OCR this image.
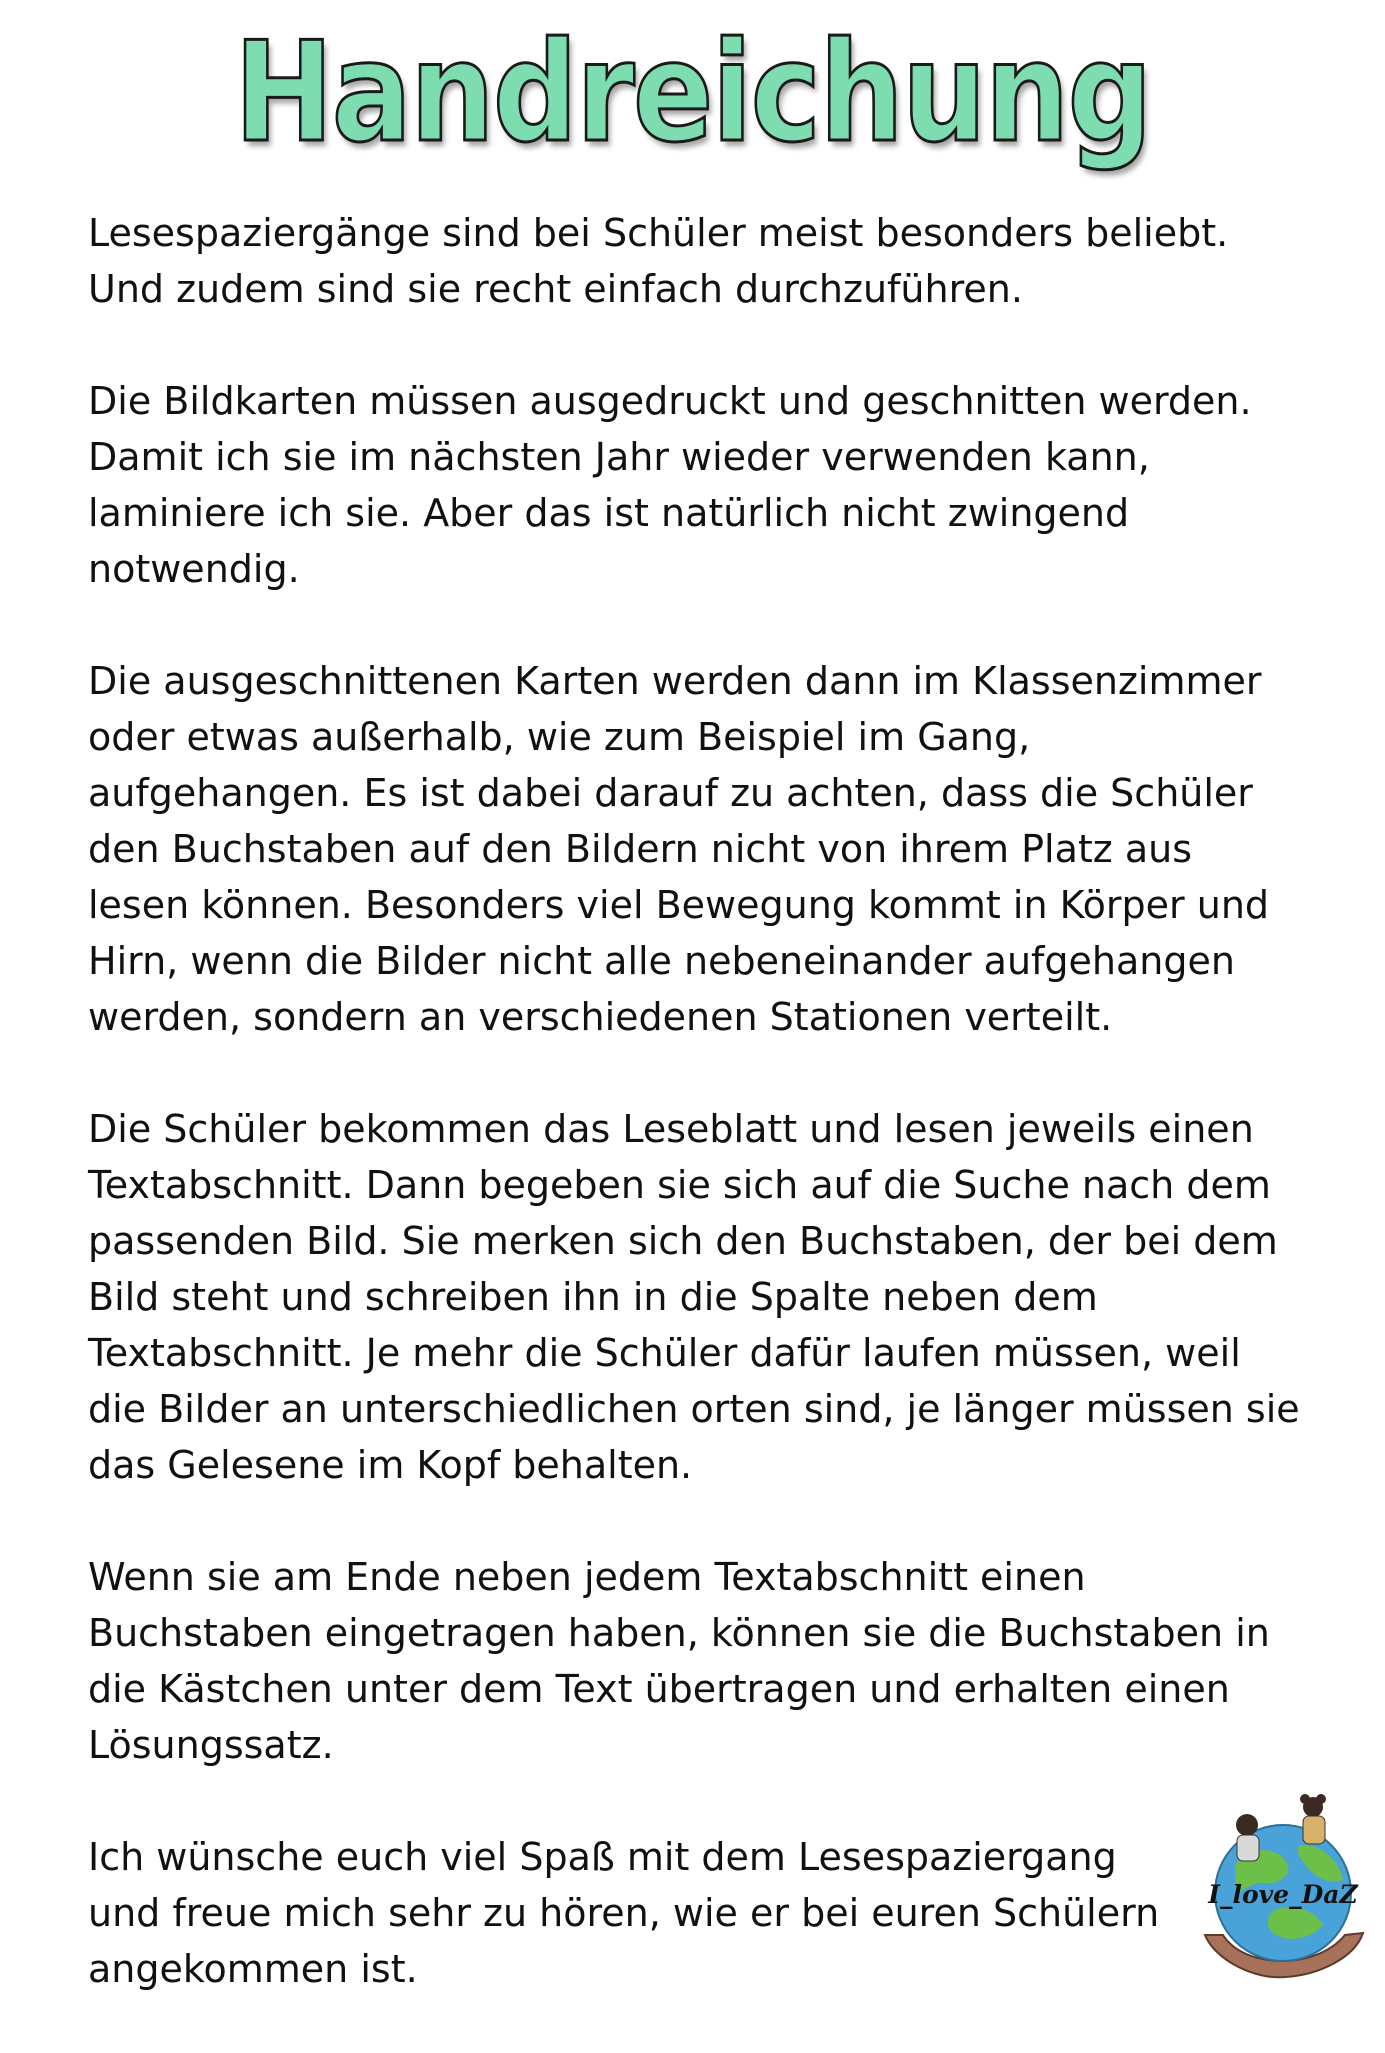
Handreichung

Lesespaziergänge sind bei Schüler meist besonders beliebt. Und zudem sind sie recht einfach durchzuführen.

Die Bildkarten müssen ausgedruckt und geschnitten werden. Damit ich sie im nächsten Jahr wieder verwenden kann, laminiere ich sie. Aber das ist natürlich nicht zwingend notwendig.

Die ausgeschnittenen Karten werden dann im Klassenzimmer oder etwas außerhalb, wie zum Beispiel im Gang, aufgehangen. Es ist dabei darauf zu achten, dass die Schüler den Buchstaben auf den Bildern nicht von ihrem Platz aus lesen können. Besonders viel Bewegung kommt in Körper und Hirn, wenn die Bilder nicht alle nebeneinander aufgehangen werden, sondern an verschiedenen Stationen verteilt.

Die Schüler bekommen das Leseblatt und lesen jeweils einen Textabschnitt. Dann begeben sie sich auf die Suche nach dem passenden Bild. Sie merken sich den Buchstaben, der bei dem Bild steht und schreiben ihn in die Spalte neben dem Textabschnitt. Je mehr die Schüler dafür laufen müssen, weil die Bilder an unterschiedlichen orten sind, je länger müssen sie das Gelesene im Kopf behalten.

Wenn sie am Ende neben jedem Textabschnitt einen Buchstaben eingetragen haben, können sie die Buchstaben in die Kästchen unter dem Text übertragen und erhalten einen Lösungssatz.

Ich wünsche euch viel Spaß mit dem Lesespaziergang und freue mich sehr zu hören, wie er bei euren Schülern angekommen ist.

I_love_DaZ
